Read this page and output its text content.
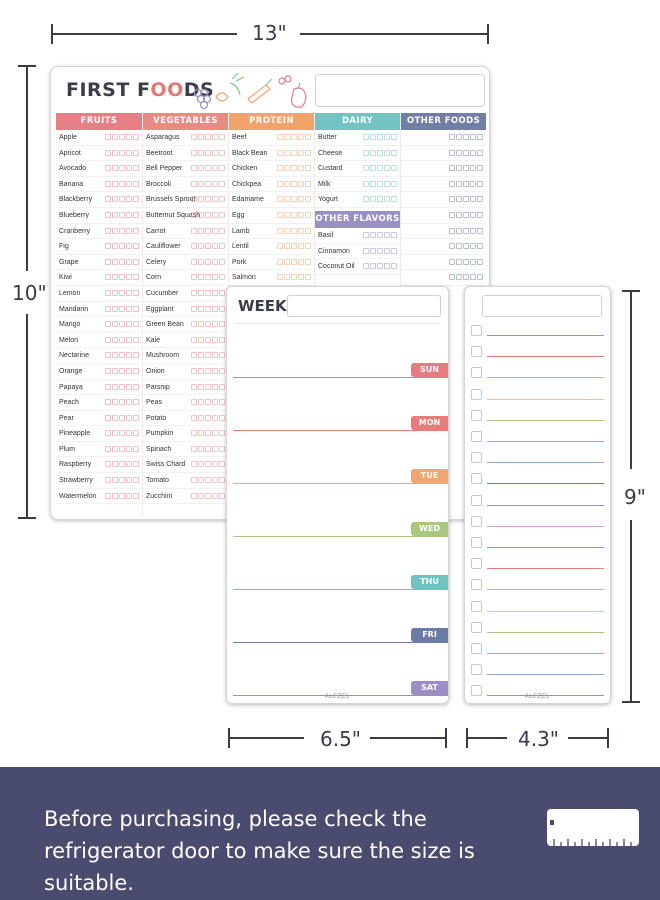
13"
10"
9"
6.5"	4.3"
FIRST FOODS
FRUITS
Apple
Apricot
Avocado
Banana
Blackberry
Blueberry
Cranberry
Fig
Grape
Kiwi
Lemon
Mandarin
Mango
Melon
Nectarine
Orange
Papaya
Peach
Pear
Pineapple
Plum
Raspberry
Strawberry
Watermelon
VEGETABLES
Asparagus
Beetroot
Bell Pepper
Broccoli
Brussels Sprout
Butternut Squash
Carrot
Cauliflower
Celery
Corn
Cucumber
Eggplant
Green Bean
Kale
Mushroom
Onion
Parsnip
Peas
Potato
Pumpkin
Spinach
Swiss Chard
Tomato
Zucchini
PROTEIN
Beef
Black Bean
Chicken
Chickpea
Edamame
Egg
Lamb
Lentil
Pork
Salmon
DAIRY
Butter
Cheese
Custard
Milk
Yogurt
OTHER FLAVORS
Basil
Cinnamon
Coconut Oil
OTHER FOODS
WEEK
SUN
MON
TUE
WED
THU
FRI
SAT
ALEZEL	ALEZEL
Before purchasing, please check the refrigerator door to make sure the size is suitable.
